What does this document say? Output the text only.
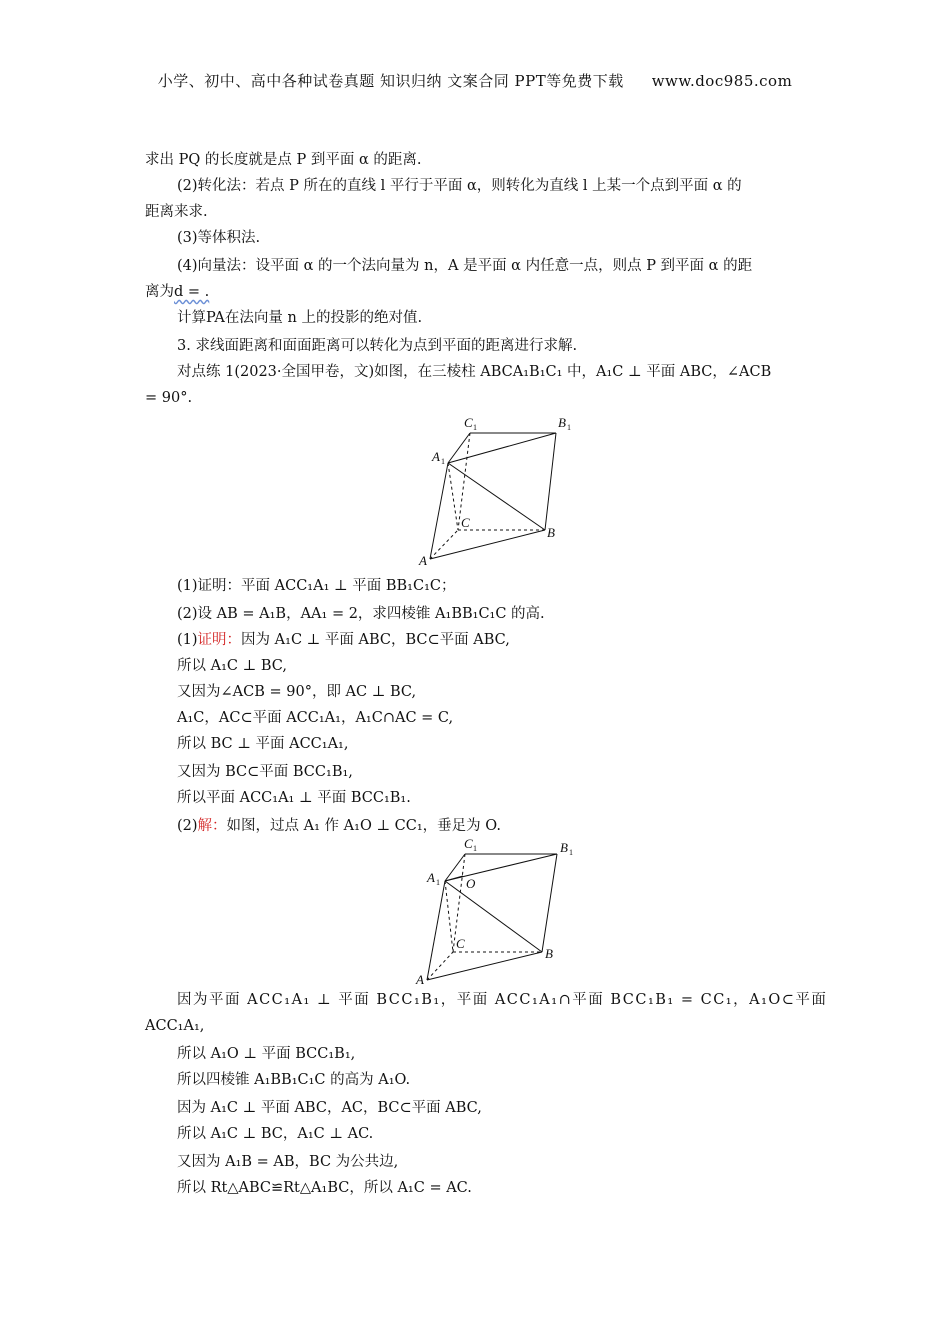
小学、初中、高中各种试卷真题 知识归纳 文案合同 PPT等免费下载 www.doc985.com
求出 PQ 的长度就是点 P 到平面 α 的距离.
(2)转化法：若点 P 所在的直线 l 平行于平面 α，则转化为直线 l 上某一个点到平面 α 的
距离来求.
(3)等体积法.
(4)向量法：设平面 α 的一个法向量为 n，A 是平面 α 内任意一点，则点 P 到平面 α 的距
离为d = .
计算PA在法向量 n 上的投影的绝对值.
3. 求线面距离和面面距离可以转化为点到平面的距离进行求解.
对点练 1(2023·全国甲卷，文)如图，在三棱柱 ABCA₁B₁C₁ 中，A₁C ⊥ 平面 ABC，∠ACB
= 90°.
C 1	B 1
A 1
C
B
A
(1)证明：平面 ACC₁A₁ ⊥ 平面 BB₁C₁C；
(2)设 AB = A₁B，AA₁ = 2，求四棱锥 A₁BB₁C₁C 的高.
(1)证明：因为 A₁C ⊥ 平面 ABC，BC⊂平面 ABC,
所以 A₁C ⊥ BC,
又因为∠ACB = 90°，即 AC ⊥ BC,
A₁C，AC⊂平面 ACC₁A₁，A₁C∩AC = C,
所以 BC ⊥ 平面 ACC₁A₁,
又因为 BC⊂平面 BCC₁B₁,
所以平面 ACC₁A₁ ⊥ 平面 BCC₁B₁.
(2)解：如图，过点 A₁ 作 A₁O ⊥ CC₁，垂足为 O.
C 1	B 1
A 1 O
C
B
A
因为平面 ACC₁A₁ ⊥ 平面 BCC₁B₁，平面 ACC₁A₁∩平面 BCC₁B₁ = CC₁，A₁O⊂平面
ACC₁A₁,
所以 A₁O ⊥ 平面 BCC₁B₁,
所以四棱锥 A₁BB₁C₁C 的高为 A₁O.
因为 A₁C ⊥ 平面 ABC，AC，BC⊂平面 ABC,
所以 A₁C ⊥ BC，A₁C ⊥ AC.
又因为 A₁B = AB，BC 为公共边,
所以 Rt△ABC≌Rt△A₁BC，所以 A₁C = AC.
